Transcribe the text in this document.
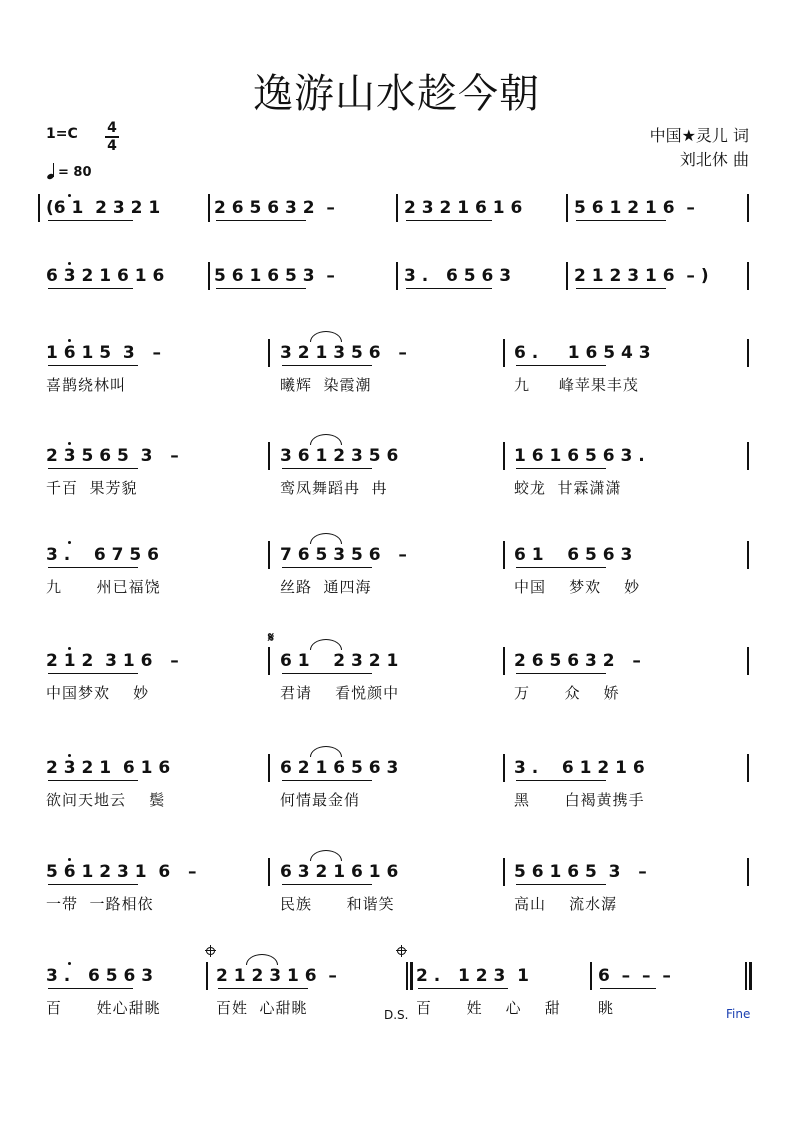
逸游山水趁今朝
1=C 4
4
= 80
中国★灵儿 词
刘北休 曲
(6 1  2 3 2 1	2 6 5 6 3 2  –	2 3 2 1 6 1 6	5 6 1 2 1 6  –
6 3 2 1 6 1 6	5 6 1 6 5 3  –	3 .   6 5 6 3	2 1 2 3 1 6  – )
1 6 1 5  3   –
喜鹊绕林叫
3 2 1 3 5 6   –
曦辉  染霞潮
6 .     1 6 5 4 3
九     峰苹果丰茂
2 3 5 6 5  3   –
千百  果芳貌
3 6 1 2 3 5 6
鸾凤舞蹈冉  冉
1 6 1 6 5 6 3 .
蛟龙  甘霖潇潇
3 .    6 7 5 6
九      州已福饶
7 6 5 3 5 6   –
丝路  通四海
6 1    6 5 6 3
中国    梦欢    妙
2 1 2  3 1 6   –
中国梦欢    妙
6 1    2 3 2 1
君请    看悦颜中
2 6 5 6 3 2   –
万      众    娇
2 3 2 1  6 1 6
欲问天地云    鬓
6 2 1 6 5 6 3
何情最金俏
3 .    6 1 2 1 6
黑      白褐黄携手
5 6 1 2 3 1  6   –
一带  一路相依
6 3 2 1 6 1 6
民族      和谐笑
5 6 1 6 5  3   –
高山    流水潺
3 .   6 5 6 3
百      姓心甜眺
2 1 2 3 1 6  –
百姓  心甜眺
2 .   1 2 3  1
百      姓    心    甜
6  –  –  –
眺
𝄋
D.S.	Fine
